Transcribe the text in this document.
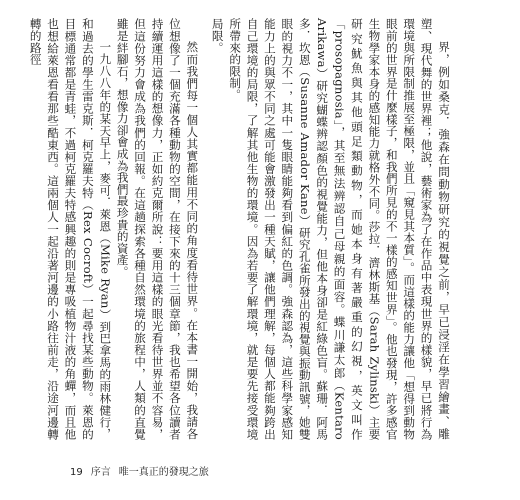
界，例如桑克．強森在問動物研究的視覺之前，早已浸淫在學習繪畫、雕塑、現代舞的世界裡；他說，藝術家為了在作品中表現世界的樣貌，早已將行為環境與所限制推展至極限，並且「窺見其本質」。而這樣的能力讓他「想得到動物眼前的世界是什麼樣子，和我們所見的不一樣的感知世界」。他也發現，許多感官生物學家本身的感知能力就格外不同。莎拉．濟林斯基（Sarah Zylinski）主要研究魷魚與其他頭足類動物，而她本身有著嚴重的幻視，英文叫作「prosopagnosia」，其至無法辨認自己母親的面容。蝶川謙太郎（Kentaro Arikawa）研究蝴蝶辨認顏色的視覺能力，但他本身卻是紅綠色盲。蘇珊．阿馬多．坎恩（Susanne Amador Kane）研究孔雀所發出的視覺與振動訊號，她雙眼的視力不一，其中一隻眼睛能夠看到偏紅的色調。強森認為，這些科學家感知能力上的與眾不同之處可能會激發出一種天賦，讓他們理解，每個人都能夠跨出自己環境的局限，了解其他生物的環境。因為若要了解環境，就是要先接受環境所帶來的限制。

局限。

然而我們每一個人其實都能用不同的角度看待世界。在本書一開始，我請各位想像了一個充滿各種動物的空間，在接下來的十三個章節，我也希望各位讀者持續運用這樣的想像力，正如約克爾所說：要用這樣的眼光看待世界並不容易，但這份努力會成為我們的回報。在這趟探索各種自然環境的旅程中，人類的直覺雖是絆腳石，想像力卻會成為我們最珍貴的資產。

一九八八年的某天早上，麥可．萊恩（Mike Ryan）到巴拿馬的雨林健行，和過去的學生雷克斯．柯克羅夫特（Rex Cocroft）一起尋找某些動物。萊恩的目標通常都是青蛙，不過柯克羅夫特感興趣的則是專吸植物汁液的角蟬，而且他也想給萊恩看看那些酷東西。這兩個人一起沿著河邊的小路往前走，沿途河邊轉轉的路徑

19 序言 唯一真正的發現之旅
